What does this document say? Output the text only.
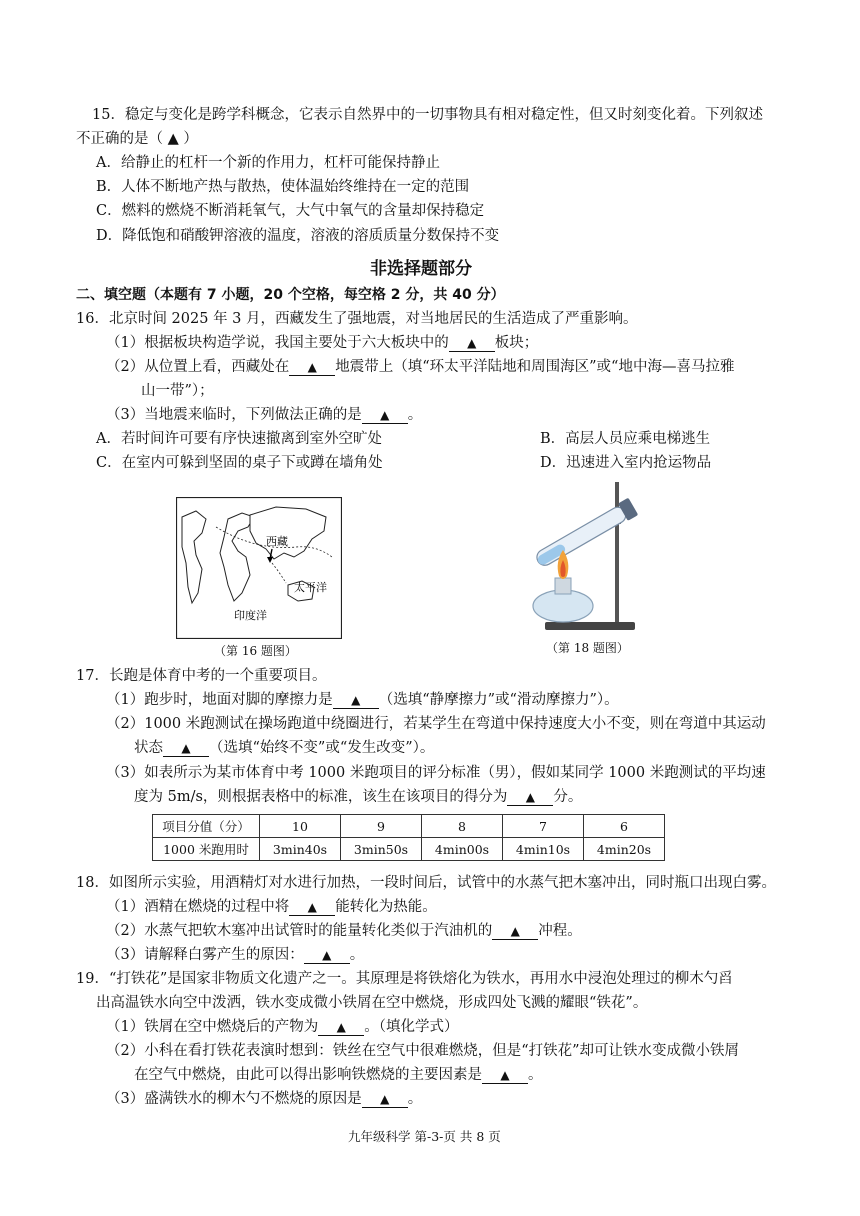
15．稳定与变化是跨学科概念，它表示自然界中的一切事物具有相对稳定性，但又时刻变化着。下列叙述
不正确的是（ ▲ ）
A．给静止的杠杆一个新的作用力，杠杆可能保持静止
B．人体不断地产热与散热，使体温始终维持在一定的范围
C．燃料的燃烧不断消耗氧气，大气中氧气的含量却保持稳定
D．降低饱和硝酸钾溶液的温度，溶液的溶质质量分数保持不变
非选择题部分
二、填空题（本题有 7 小题，20 个空格，每空格 2 分，共 40 分）
16．北京时间 2025 年 3 月，西藏发生了强地震，对当地居民的生活造成了严重影响。
（1）根据板块构造学说，我国主要处于六大板块中的 ▲ 板块；
（2）从位置上看，西藏处在 ▲ 地震带上（填“环太平洋陆地和周围海区”或“地中海—喜马拉雅
山一带”）；
（3）当地震来临时，下列做法正确的是 ▲ 。
A．若时间许可要有序快速撤离到室外空旷处	B．高层人员应乘电梯逃生
C．在室内可躲到坚固的桌子下或蹲在墙角处	D．迅速进入室内抢运物品
西藏
太平洋
印度洋
（第 16 题图）	（第 18 题图）
17．长跑是体育中考的一个重要项目。
（1）跑步时，地面对脚的摩擦力是 ▲ （选填“静摩擦力”或“滑动摩擦力”）。
（2）1000 米跑测试在操场跑道中绕圈进行，若某学生在弯道中保持速度大小不变，则在弯道中其运动
状态 ▲ （选填“始终不变”或“发生改变”）。
（3）如表所示为某市体育中考 1000 米跑项目的评分标准（男），假如某同学 1000 米跑测试的平均速
度为 5m/s，则根据表格中的标准，该生在该项目的得分为 ▲ 分。
项目分值（分）	10	9	8	7	6
1000 米跑用时	3min40s	3min50s	4min00s	4min10s	4min20s
18．如图所示实验，用酒精灯对水进行加热，一段时间后，试管中的水蒸气把木塞冲出，同时瓶口出现白雾。
（1）酒精在燃烧的过程中将 ▲ 能转化为热能。
（2）水蒸气把软木塞冲出试管时的能量转化类似于汽油机的 ▲ 冲程。
（3）请解释白雾产生的原因： ▲ 。
19．“打铁花”是国家非物质文化遗产之一。其原理是将铁熔化为铁水，再用水中浸泡处理过的柳木勺舀
出高温铁水向空中泼洒，铁水变成微小铁屑在空中燃烧，形成四处飞溅的耀眼“铁花”。
（1）铁屑在空中燃烧后的产物为 ▲ 。（填化学式）
（2）小科在看打铁花表演时想到：铁丝在空气中很难燃烧，但是“打铁花”却可让铁水变成微小铁屑
在空气中燃烧，由此可以得出影响铁燃烧的主要因素是 ▲ 。
（3）盛满铁水的柳木勺不燃烧的原因是 ▲ 。
九年级科学 第-3-页 共 8 页
